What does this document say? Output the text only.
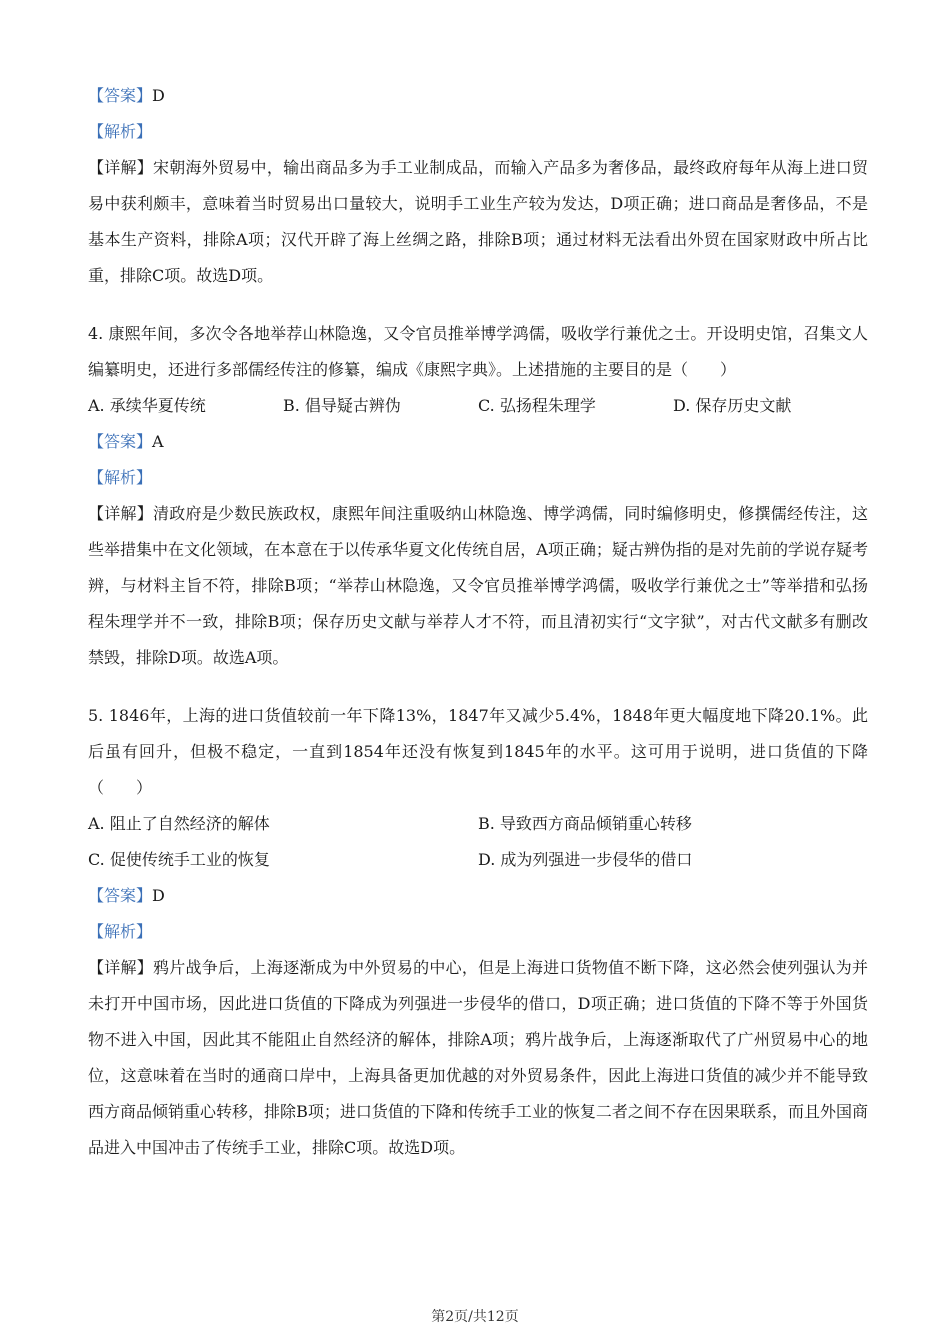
【答案】D
【解析】
【详解】宋朝海外贸易中，输出商品多为手工业制成品，而输入产品多为奢侈品，最终政府每年从海上进口贸易中获利颇丰，意味着当时贸易出口量较大，说明手工业生产较为发达，D项正确；进口商品是奢侈品，不是基本生产资料，排除A项；汉代开辟了海上丝绸之路，排除B项；通过材料无法看出外贸在国家财政中所占比重，排除C项。故选D项。
4. 康熙年间，多次令各地举荐山林隐逸，又令官员推举博学鸿儒，吸收学行兼优之士。开设明史馆，召集文人编纂明史，还进行多部儒经传注的修纂，编成《康熙字典》。上述措施的主要目的是（　　）
A. 承续华夏传统	B. 倡导疑古辨伪	C. 弘扬程朱理学	D. 保存历史文献
【答案】A
【解析】
【详解】清政府是少数民族政权，康熙年间注重吸纳山林隐逸、博学鸿儒，同时编修明史，修撰儒经传注，这些举措集中在文化领域，在本意在于以传承华夏文化传统自居，A项正确；疑古辨伪指的是对先前的学说存疑考辨，与材料主旨不符，排除B项；“举荐山林隐逸，又令官员推举博学鸿儒，吸收学行兼优之士”等举措和弘扬程朱理学并不一致，排除B项；保存历史文献与举荐人才不符，而且清初实行“文字狱”，对古代文献多有删改禁毁，排除D项。故选A项。
5. 1846年，上海的进口货值较前一年下降13%，1847年又减少5.4%，1848年更大幅度地下降20.1%。此后虽有回升，但极不稳定，一直到1854年还没有恢复到1845年的水平。这可用于说明，进口货值的下降（　　）
A. 阻止了自然经济的解体	B. 导致西方商品倾销重心转移
C. 促使传统手工业的恢复	D. 成为列强进一步侵华的借口
【答案】D
【解析】
【详解】鸦片战争后，上海逐渐成为中外贸易的中心，但是上海进口货物值不断下降，这必然会使列强认为并未打开中国市场，因此进口货值的下降成为列强进一步侵华的借口，D项正确；进口货值的下降不等于外国货物不进入中国，因此其不能阻止自然经济的解体，排除A项；鸦片战争后，上海逐渐取代了广州贸易中心的地位，这意味着在当时的通商口岸中，上海具备更加优越的对外贸易条件，因此上海进口货值的减少并不能导致西方商品倾销重心转移，排除B项；进口货值的下降和传统手工业的恢复二者之间不存在因果联系，而且外国商品进入中国冲击了传统手工业，排除C项。故选D项。
第2页/共12页
